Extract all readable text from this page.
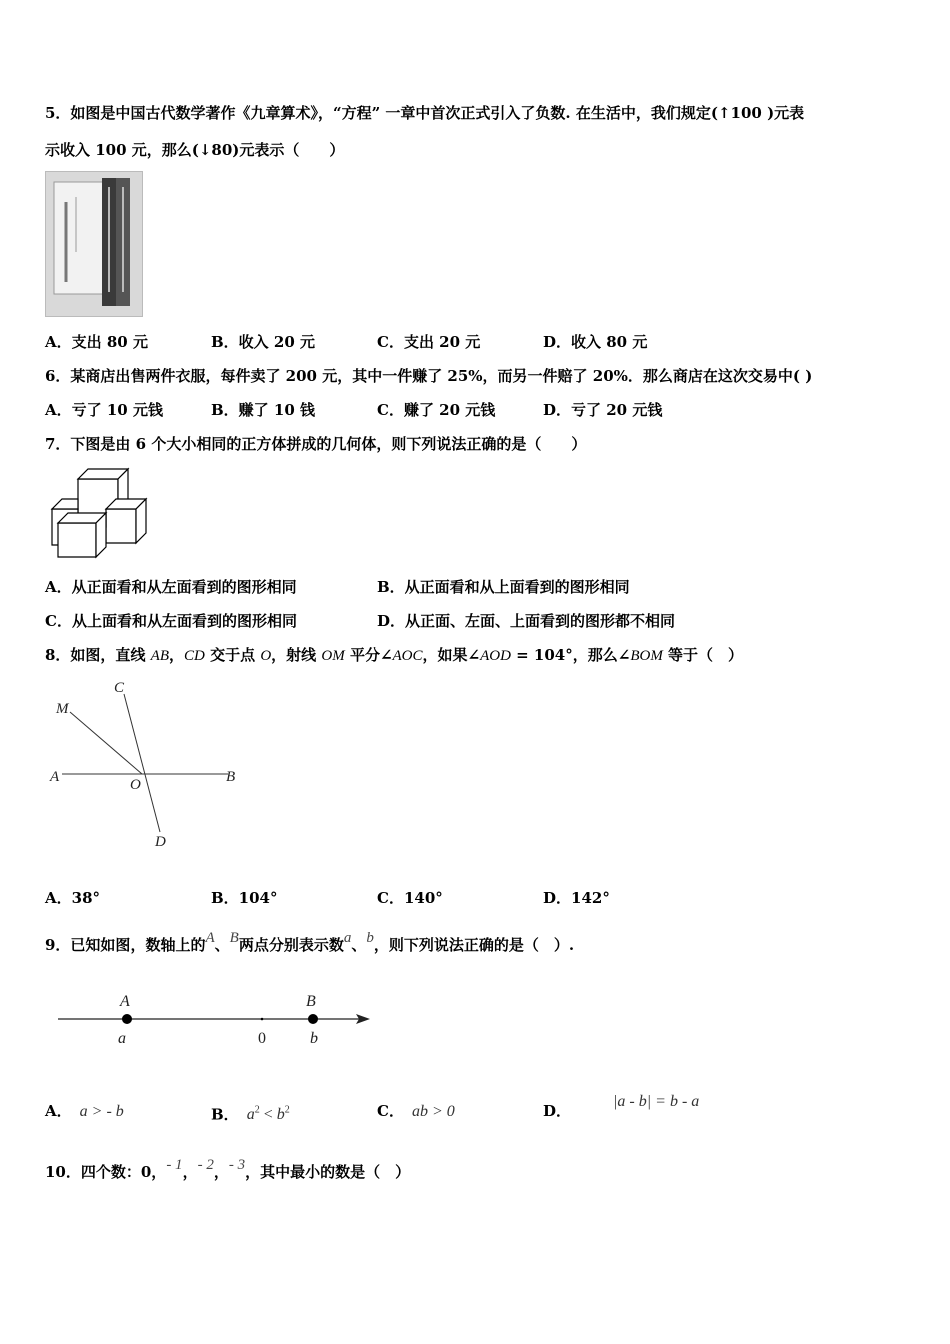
5．如图是中国古代数学著作《九章算术》，“方程” 一章中首次正式引入了负数. 在生活中，我们规定(↑100 )元表
示收入 100 元，那么(↓80)元表示（　　）
A．支出 80 元	B．收入 20 元	C．支出 20 元	D．收入 80 元
6．某商店出售两件衣服，每件卖了 200 元，其中一件赚了 25%，而另一件赔了 20%．那么商店在这次交易中( )
A．亏了 10 元钱	B．赚了 10 钱	C．赚了 20 元钱	D．亏了 20 元钱
7．下图是由 6 个大小相同的正方体拼成的几何体，则下列说法正确的是（　　）
A．从正面看和从左面看到的图形相同	B．从正面看和从上面看到的图形相同
C．从上面看和从左面看到的图形相同	D．从正面、左面、上面看到的图形都不相同
8．如图，直线 AB，CD 交于点 O，射线 OM 平分∠AOC，如果∠AOD = 104°，那么∠BOM 等于（　）
C
M
A	O	B
D
A．38°	B．104°	C．140°	D．142°
9．已知如图，数轴上的A、B两点分别表示数a、b，则下列说法正确的是（　）.
A	B
a	0	b
A． a > - b	B． $a^2 < b^2$	C． ab > 0	D．|a - b| = b - a
10．四个数：0，- 1，- 2，- 3，其中最小的数是（　）
